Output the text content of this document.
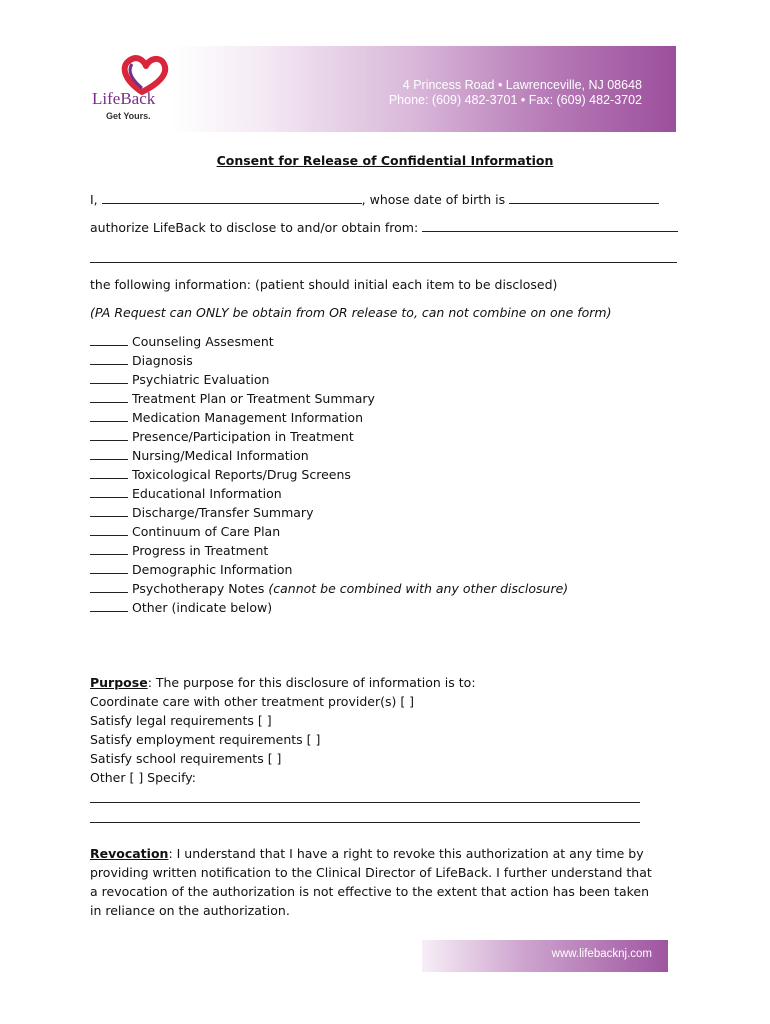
LifeBack
Get Yours.
4 Princess Road • Lawrenceville, NJ 08648
Phone: (609) 482-3701 • Fax: (609) 482-3702
Consent for Release of Confidential Information
I,	, whose date of birth is
authorize LifeBack to disclose to and/or obtain from:
the following information: (patient should initial each item to be disclosed)
(PA Request can ONLY be obtain from OR release to, can not combine on one form)
Counseling Assesment
Diagnosis
Psychiatric Evaluation
Treatment Plan or Treatment Summary
Medication Management Information
Presence/Participation in Treatment
Nursing/Medical Information
Toxicological Reports/Drug Screens
Educational Information
Discharge/Transfer Summary
Continuum of Care Plan
Progress in Treatment
Demographic Information
Psychotherapy Notes (cannot be combined with any other disclosure)
Other (indicate below)
Purpose: The purpose for this disclosure of information is to:
Coordinate care with other treatment provider(s) [ ]
Satisfy legal requirements [ ]
Satisfy employment requirements [ ]
Satisfy school requirements [ ]
Other [ ] Specify:
Revocation: I understand that I have a right to revoke this authorization at any time by providing written notification to the Clinical Director of LifeBack. I further understand that a revocation of the authorization is not effective to the extent that action has been taken in reliance on the authorization.
www.lifebacknj.com
